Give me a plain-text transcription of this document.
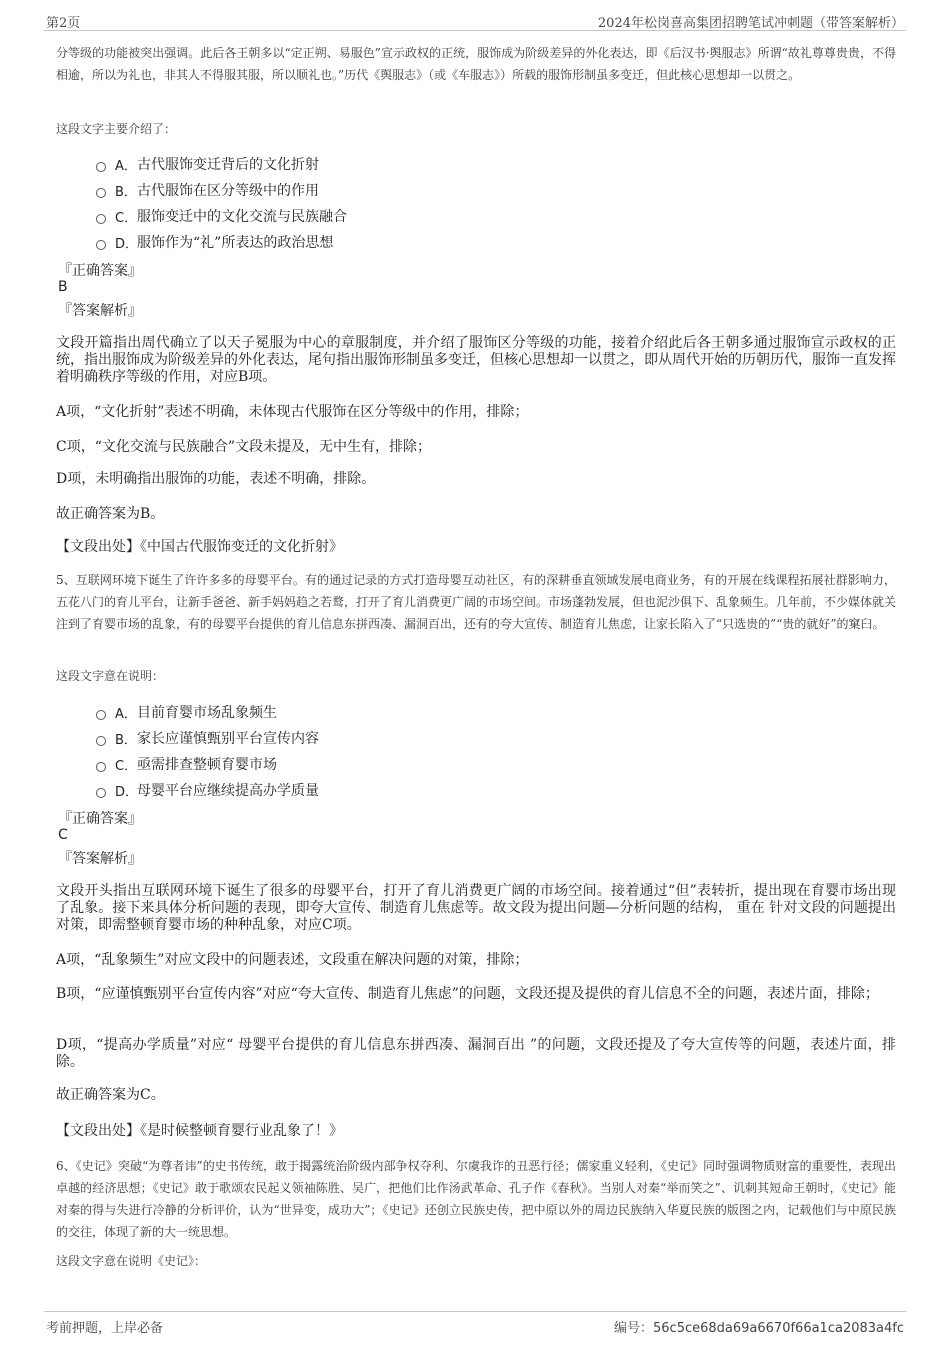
第2页	2024年松岗喜高集团招聘笔试冲刺题（带答案解析）
分等级的功能被突出强调。此后各王朝多以“定正朔、易服色”宣示政权的正统，服饰成为阶级差异的外化表达，即《后汉书·舆服志》所谓“故礼尊尊贵贵，不得相逾，所以为礼也，非其人不得服其服，所以顺礼也。”历代《舆服志》（或《车服志》）所载的服饰形制虽多变迁，但此核心思想却一以贯之。
这段文字主要介绍了：
A． 古代服饰变迁背后的文化折射
B． 古代服饰在区分等级中的作用
C． 服饰变迁中的文化交流与民族融合
D．
服饰作为“礼”所表达的政治思想
『正确答案』
B
『答案解析』
文段开篇指出周代确立了以天子冕服为中心的章服制度，并介绍了服饰区分等级的功能，接着介绍此后各王朝多通过服饰宣示政权的正统，指出服饰成为阶级差异的外化表达，尾句指出服饰形制虽多变迁，但核心思想却一以贯之，即从周代开始的历朝历代，服饰一直发挥着明确秩序等级的作用，对应B项。
A项，“文化折射”表述不明确，未体现古代服饰在区分等级中的作用，排除；
C项，“文化交流与民族融合”文段未提及，无中生有，排除；
D项，未明确指出服饰的功能，表述不明确，排除。
故正确答案为B。
【文段出处】《中国古代服饰变迁的文化折射》
5、互联网环境下诞生了许许多多的母婴平台。有的通过记录的方式打造母婴互动社区，有的深耕垂直领域发展电商业务，有的开展在线课程拓展社群影响力，五花八门的育儿平台，让新手爸爸、新手妈妈趋之若鹜，打开了育儿消费更广阔的市场空间。市场蓬勃发展，但也泥沙俱下、乱象频生。几年前，不少媒体就关注到了育婴市场的乱象，有的母婴平台提供的育儿信息东拼西凑、漏洞百出，还有的夸大宣传、制造育儿焦虑，让家长陷入了“只选贵的”“贵的就好”的窠臼。
这段文字意在说明：
A． 目前育婴市场乱象频生
B． 家长应谨慎甄别平台宣传内容
C． 亟需排查整顿育婴市场
D．
母婴平台应继续提高办学质量
『正确答案』
C
『答案解析』
文段开头指出互联网环境下诞生了很多的母婴平台，打开了育儿消费更广阔的市场空间。接着通过“但”表转折，提出现在育婴市场出现了乱象。接下来具体分析问题的表现，即夸大宣传、制造育儿焦虑等。故文段为提出问题—分析问题的结构， 重在 针对文段的问题提出对策，即需整顿育婴市场的种种乱象，对应C项。
A项，“乱象频生”对应文段中的问题表述，文段重在解决问题的对策，排除；
B项，“应谨慎甄别平台宣传内容”对应“夸大宣传、制造育儿焦虑”的问题，文段还提及提供的育儿信息不全的问题，表述片面，排除；
D项，“提高办学质量”对应“ 母婴平台提供的育儿信息东拼西凑、漏洞百出 ”的问题，文段还提及了夸大宣传等的问题，表述片面，排除。
故正确答案为C。
【文段出处】《是时候整顿育婴行业乱象了！》
6、《史记》突破“为尊者讳”的史书传统，敢于揭露统治阶级内部争权夺利、尔虞我诈的丑恶行径；儒家重义轻利，《史记》同时强调物质财富的重要性，表现出卓越的经济思想；《史记》敢于歌颂农民起义领袖陈胜、吴广，把他们比作汤武革命、孔子作《春秋》。当别人对秦“举而笑之”、讥刺其短命王朝时，《史记》能对秦的得与失进行冷静的分析评价，认为“世异变，成功大”；《史记》还创立民族史传，把中原以外的周边民族纳入华夏民族的版图之内，记载他们与中原民族的交往，体现了新的大一统思想。
这段文字意在说明《史记》：
考前押题，上岸必备	编号：56c5ce68da69a6670f66a1ca2083a4fc
